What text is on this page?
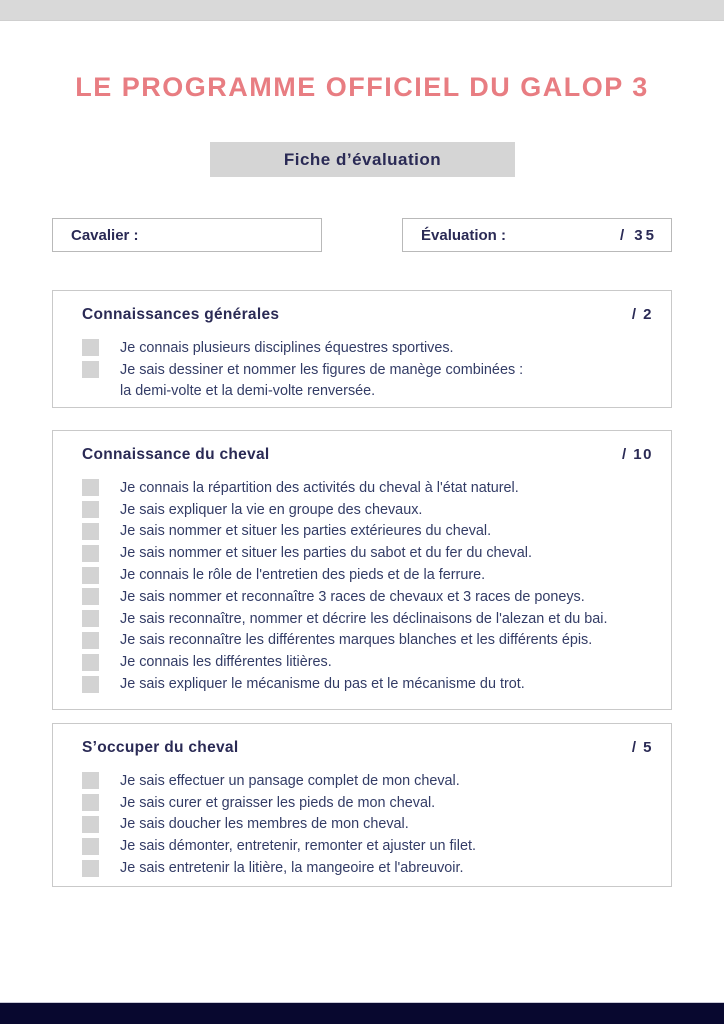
LE PROGRAMME OFFICIEL DU GALOP 3
Fiche d’évaluation
Cavalier :	Évaluation :	/ 35
Connaissances générales	/ 2
Je connais plusieurs disciplines équestres sportives.
Je sais dessiner et nommer les figures de manège combinées :
la demi-volte et la demi-volte renversée.
Connaissance du cheval	/ 10
Je connais la répartition des activités du cheval à l'état naturel.
Je sais expliquer la vie en groupe des chevaux.
Je sais nommer et situer les parties extérieures du cheval.
Je sais nommer et situer les parties du sabot et du fer du cheval.
Je connais le rôle de l'entretien des pieds et de la ferrure.
Je sais nommer et reconnaître 3 races de chevaux et 3 races de poneys.
Je sais reconnaître, nommer et décrire les déclinaisons de l'alezan et du bai.
Je sais reconnaître les différentes marques blanches et les différents épis.
Je connais les différentes litières.
Je sais expliquer le mécanisme du pas et le mécanisme du trot.
S’occuper du cheval	/ 5
Je sais effectuer un pansage complet de mon cheval.
Je sais curer et graisser les pieds de mon cheval.
Je sais doucher les membres de mon cheval.
Je sais démonter, entretenir, remonter et ajuster un filet.
Je sais entretenir la litière, la mangeoire et l'abreuvoir.
